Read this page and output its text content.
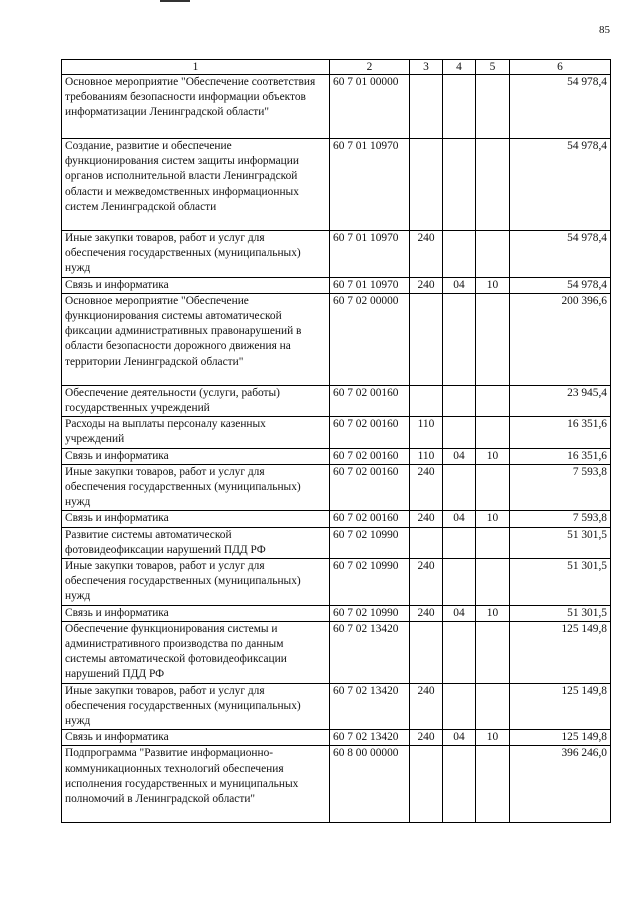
85
1	2	3	4	5	6
Основное мероприятие "Обеспечение соответствия требованиям безопасности информации объектов информатизации Ленинградской области"	60 7 01 00000				54 978,4
Создание, развитие и обеспечение функционирования систем защиты информации органов исполнительной власти Ленинградской области и межведомственных информационных систем Ленинградской области	60 7 01 10970				54 978,4
Иные закупки товаров, работ и услуг для обеспечения государственных (муниципальных) нужд	60 7 01 10970	240			54 978,4
Связь и информатика	60 7 01 10970	240	04	10	54 978,4
Основное мероприятие "Обеспечение функционирования системы автоматической фиксации административных правонарушений в области безопасности дорожного движения на территории Ленинградской области"	60 7 02 00000				200 396,6
Обеспечение деятельности (услуги, работы) государственных учреждений	60 7 02 00160				23 945,4
Расходы на выплаты персоналу казенных учреждений	60 7 02 00160	110			16 351,6
Связь и информатика	60 7 02 00160	110	04	10	16 351,6
Иные закупки товаров, работ и услуг для обеспечения государственных (муниципальных) нужд	60 7 02 00160	240			7 593,8
Связь и информатика	60 7 02 00160	240	04	10	7 593,8
Развитие системы автоматической фотовидеофиксации нарушений ПДД РФ	60 7 02 10990				51 301,5
Иные закупки товаров, работ и услуг для обеспечения государственных (муниципальных) нужд	60 7 02 10990	240			51 301,5
Связь и информатика	60 7 02 10990	240	04	10	51 301,5
Обеспечение функционирования системы и административного производства по данным системы автоматической фотовидеофиксации нарушений ПДД РФ	60 7 02 13420				125 149,8
Иные закупки товаров, работ и услуг для обеспечения государственных (муниципальных) нужд	60 7 02 13420	240			125 149,8
Связь и информатика	60 7 02 13420	240	04	10	125 149,8
Подпрограмма "Развитие информационно-коммуникационных технологий обеспечения исполнения государственных и муниципальных полномочий в Ленинградской области"	60 8 00 00000				396 246,0
